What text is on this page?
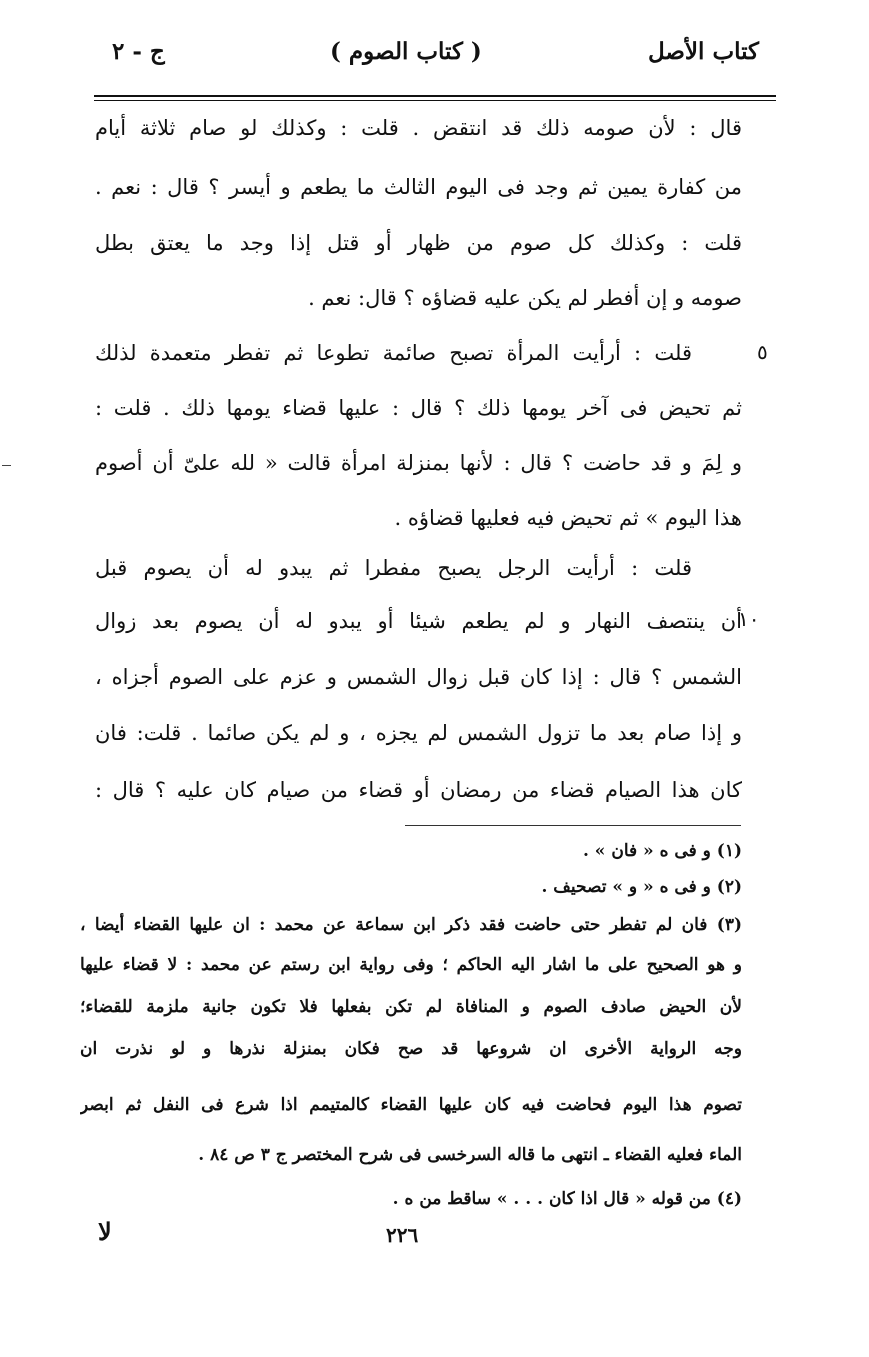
كتاب الأصل
( كتاب الصوم )
ج - ٢
قال : لأن صومه ذلك قد انتقض . قلت : وكذلك لو صام ثلاثة أيام
من كفارة يمين ثم وجد فى اليوم الثالث ما يطعم و أيسر ؟ قال : نعم .
قلت : وكذلك كل صوم من ظهار أو قتل إذا وجد ما يعتق بطل
صومه و إن أفطر لم يكن عليه قضاؤه ؟ قال: نعم .
قلت : أرأيت المرأة تصبح صائمة تطوعا ثم تفطر متعمدة لذلك
ثم تحيض فى آخر يومها ذلك ؟ قال : عليها قضاء يومها ذلك . قلت :
و لِمَ و قد حاضت ؟ قال : لأنها بمنزلة امرأة قالت « لله علىّ أن أصوم
هذا اليوم » ثم تحيض فيه فعليها قضاؤه .
قلت : أرأيت الرجل يصبح مفطرا ثم يبدو له أن يصوم قبل
أن ينتصف النهار و لم يطعم شيئا أو يبدو له أن يصوم بعد زوال
الشمس ؟ قال : إذا كان قبل زوال الشمس و عزم على الصوم أجزاه ،
و إذا صام بعد ما تزول الشمس لم يجزه ، و لم يكن صائما . قلت: فان
كان هذا الصيام قضاء من رمضان أو قضاء من صيام كان عليه ؟ قال :
٥
١٠
(١) و فى ه « فان » .
(٢) و فى ه « و » تصحيف .
(٣) فان لم تفطر حتى حاضت فقد ذكر ابن سماعة عن محمد : ان عليها القضاء أيضا ،
و هو الصحيح على ما اشار اليه الحاكم ؛ وفى رواية ابن رستم عن محمد : لا قضاء عليها
لأن الحيض صادف الصوم و المنافاة لم تكن بفعلها فلا تكون جانية ملزمة للقضاء؛
وجه الرواية الأخرى ان شروعها قد صح فكان بمنزلة نذرها و لو نذرت ان
تصوم هذا اليوم فحاضت فيه كان عليها القضاء كالمتيمم اذا شرع فى النفل ثم ابصر
الماء فعليه القضاء ـ انتهى ما قاله السرخسى فى شرح المختصر ج ٣ ص ٨٤ .
(٤) من قوله « قال اذا كان . . . » ساقط من ه .
٢٢٦
لا
